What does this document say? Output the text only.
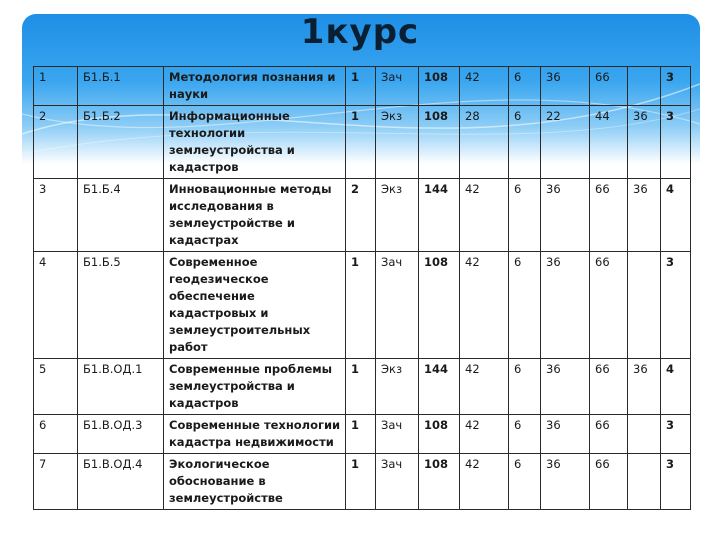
1курс
1	Б1.Б.1	Методология познания и науки	1	Зач	108	42	6	36	66		3
2	Б1.Б.2	Информационные технологии землеустройства и кадастров	1	Экз	108	28	6	22	44	36	3
3	Б1.Б.4	Инновационные методы исследования в землеустройстве и кадастрах	2	Экз	144	42	6	36	66	36	4
4	Б1.Б.5	Современное геодезическое обеспечение кадастровых и землеустроительных работ	1	Зач	108	42	6	36	66		3
5	Б1.В.ОД.1	Современные проблемы землеустройства и кадастров	1	Экз	144	42	6	36	66	36	4
6	Б1.В.ОД.3	Современные технологии кадастра недвижимости	1	Зач	108	42	6	36	66		3
7	Б1.В.ОД.4	Экологическое обоснование в землеустройстве	1	Зач	108	42	6	36	66		3
